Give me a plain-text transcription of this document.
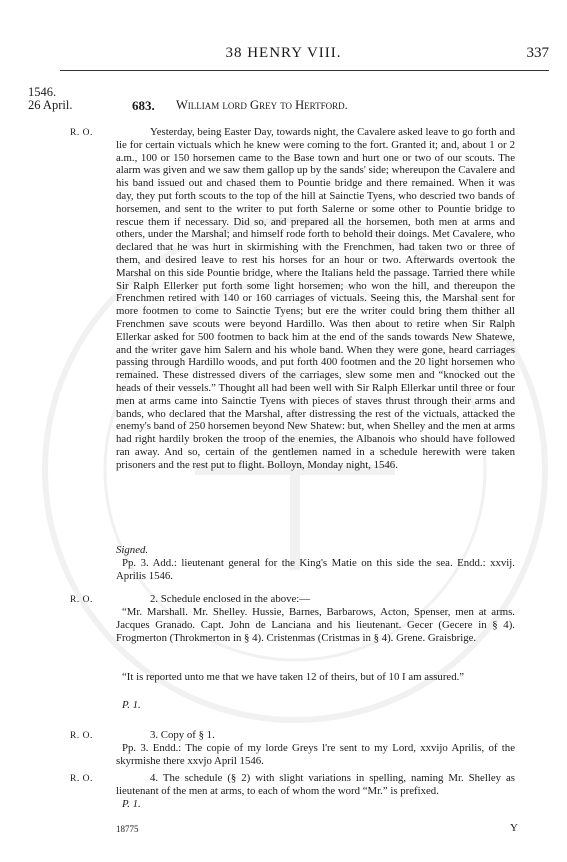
38 HENRY VIII.	337
1546.
26 April.	683. William lord Grey to Hertford.
R. O.	Yesterday, being Easter Day, towards night, the Cavalere asked leave to go forth and lie for certain victuals which he knew were coming to the fort. Granted it; and, about 1 or 2 a.m., 100 or 150 horsemen came to the Base town and hurt one or two of our scouts. The alarm was given and we saw them gallop up by the sands' side; whereupon the Cavalere and his band issued out and chased them to Pountie bridge and there remained. When it was day, they put forth scouts to the top of the hill at Sainctie Tyens, who descried two bands of horsemen, and sent to the writer to put forth Salerne or some other to Pountie bridge to rescue them if necessary. Did so, and prepared all the horsemen, both men at arms and others, under the Marshal; and himself rode forth to behold their doings. Met Cavalere, who declared that he was hurt in skirmishing with the Frenchmen, had taken two or three of them, and desired leave to rest his horses for an hour or two. Afterwards overtook the Marshal on this side Pountie bridge, where the Italians held the passage. Tarried there while Sir Ralph Ellerker put forth some light horsemen; who won the hill, and thereupon the Frenchmen retired with 140 or 160 carriages of victuals. Seeing this, the Marshal sent for more footmen to come to Sainctie Tyens; but ere the writer could bring them thither all Frenchmen save scouts were beyond Hardillo. Was then about to retire when Sir Ralph Ellerkar asked for 500 footmen to back him at the end of the sands towards New Shatewe, and the writer gave him Salern and his whole band. When they were gone, heard carriages passing through Hardillo woods, and put forth 400 footmen and the 20 light horsemen who remained. These distressed divers of the carriages, slew some men and “knocked out the heads of their vessels.” Thought all had been well with Sir Ralph Ellerkar until three or four men at arms came into Sainctie Tyens with pieces of staves thrust through their arms and bands, who declared that the Marshal, after distressing the rest of the victuals, attacked the enemy's band of 250 horsemen beyond New Shatew: but, when Shelley and the men at arms had right hardily broken the troop of the enemies, the Albanois who should have followed ran away. And so, certain of the gentlemen named in a schedule herewith were taken prisoners and the rest put to flight. Bolloyn, Monday night, 1546.

Signed.

Pp. 3. Add.: lieutenant general for the King's Matie on this side the sea. Endd.: xxvij. Aprilis 1546.

R. O.	2. Schedule enclosed in the above:—

“Mr. Marshall. Mr. Shelley. Hussie, Barnes, Barbarows, Acton, Spenser, men at arms. Jacques Granado. Capt. John de Lanciana and his lieutenant. Gecer (Gecere in § 4). Frogmerton (Throkmerton in § 4). Cristenmas (Cristmas in § 4). Grene. Graisbrige.

“It is reported unto me that we have taken 12 of theirs, but of 10 I am assured.”

P. 1.

R. O.	3. Copy of § 1.

Pp. 3. Endd.: The copie of my lorde Greys l're sent to my Lord, xxvijo Aprilis, of the skyrmishe there xxvjo April 1546.

R. O.	4. The schedule (§ 2) with slight variations in spelling, naming Mr. Shelley as lieutenant of the men at arms, to each of whom the word “Mr.” is prefixed.

P. 1.

18775	Y
